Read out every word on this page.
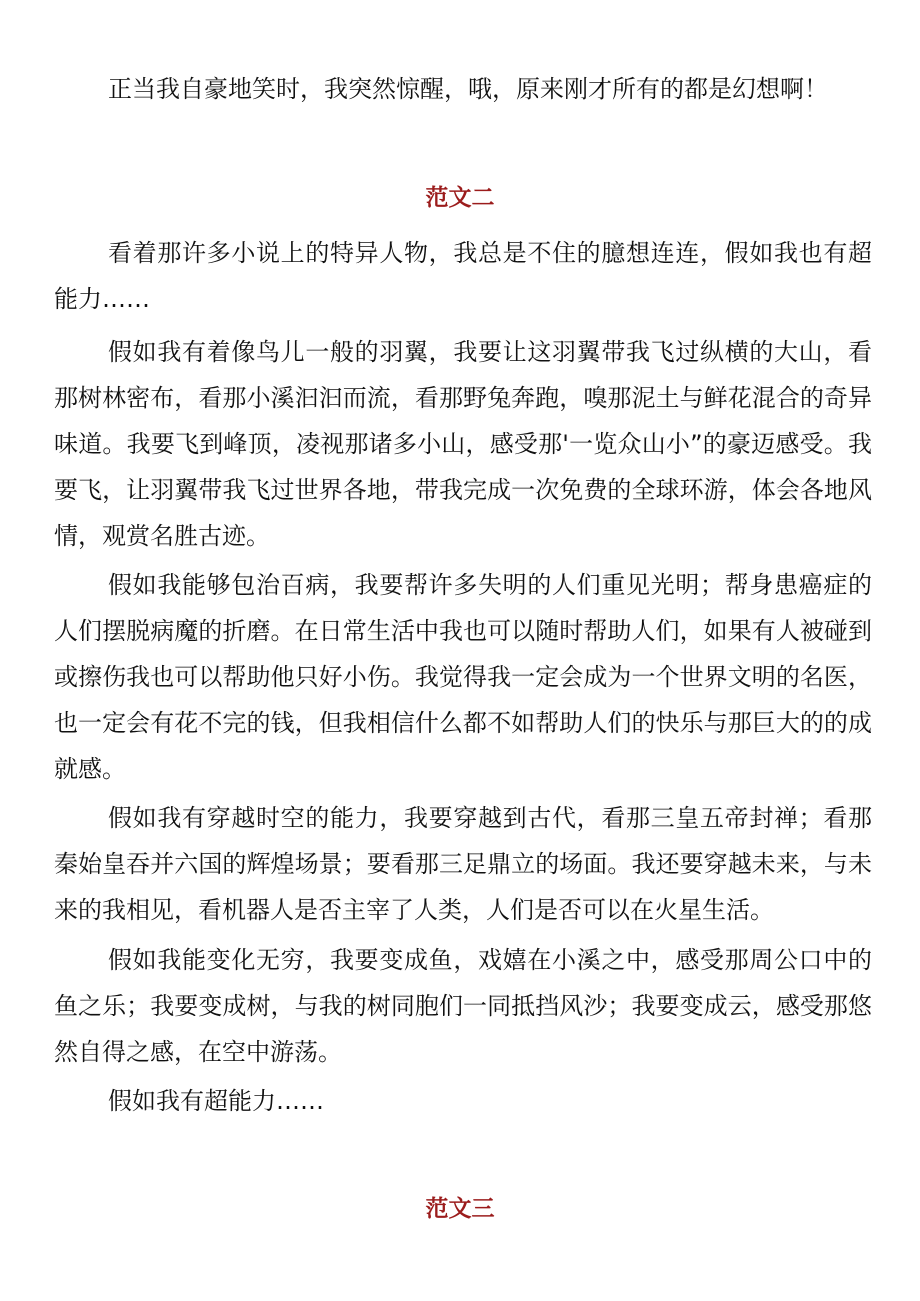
正当我自豪地笑时，我突然惊醒，哦，原来刚才所有的都是幻想啊！

范文二

看着那许多小说上的特异人物，我总是不住的臆想连连，假如我也有超能力……

假如我有着像鸟儿一般的羽翼，我要让这羽翼带我飞过纵横的大山，看那树林密布，看那小溪汩汩而流，看那野兔奔跑，嗅那泥土与鲜花混合的奇异味道。我要飞到峰顶，凌视那诸多小山，感受那'一览众山小”的豪迈感受。我要飞，让羽翼带我飞过世界各地，带我完成一次免费的全球环游，体会各地风情，观赏名胜古迹。

假如我能够包治百病，我要帮许多失明的人们重见光明；帮身患癌症的人们摆脱病魔的折磨。在日常生活中我也可以随时帮助人们，如果有人被碰到或擦伤我也可以帮助他只好小伤。我觉得我一定会成为一个世界文明的名医，也一定会有花不完的钱，但我相信什么都不如帮助人们的快乐与那巨大的的成就感。

假如我有穿越时空的能力，我要穿越到古代，看那三皇五帝封禅；看那秦始皇吞并六国的辉煌场景；要看那三足鼎立的场面。我还要穿越未来，与未来的我相见，看机器人是否主宰了人类，人们是否可以在火星生活。

假如我能变化无穷，我要变成鱼，戏嬉在小溪之中，感受那周公口中的鱼之乐；我要变成树，与我的树同胞们一同抵挡风沙；我要变成云，感受那悠然自得之感，在空中游荡。

假如我有超能力……

范文三
